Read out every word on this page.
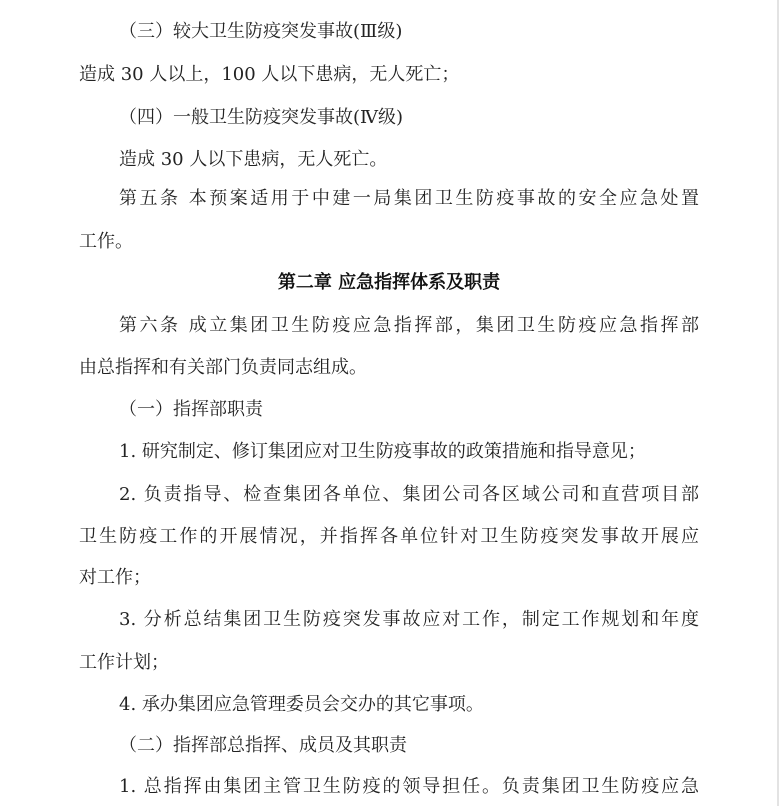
（三）较大卫生防疫突发事故(Ⅲ级)
造成 30 人以上，100 人以下患病，无人死亡；
（四）一般卫生防疫突发事故(Ⅳ级)
造成 30 人以下患病，无人死亡。
第五条 本预案适用于中建一局集团卫生防疫事故的安全应急处置
工作。
第二章 应急指挥体系及职责
第六条 成立集团卫生防疫应急指挥部，集团卫生防疫应急指挥部
由总指挥和有关部门负责同志组成。
（一）指挥部职责
1. 研究制定、修订集团应对卫生防疫事故的政策措施和指导意见；
2. 负责指导、检查集团各单位、集团公司各区域公司和直营项目部
卫生防疫工作的开展情况，并指挥各单位针对卫生防疫突发事故开展应
对工作；
3. 分析总结集团卫生防疫突发事故应对工作，制定工作规划和年度
工作计划；
4. 承办集团应急管理委员会交办的其它事项。
（二）指挥部总指挥、成员及其职责
1. 总指挥由集团主管卫生防疫的领导担任。负责集团卫生防疫应急
